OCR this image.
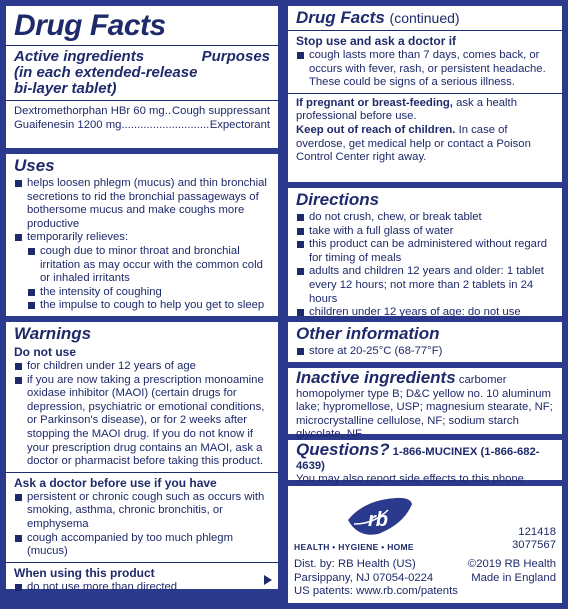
Drug Facts
Active ingredients	Purposes
(in each extended-release
bi-layer tablet)
Dextromethorphan HBr 60 mg ..... Cough suppressant
Guaifenesin 1200 mg .....	Expectorant
Uses
helps loosen phlegm (mucus) and thin bronchial secretions to rid the bronchial passageways of bothersome mucus and make coughs more productive
temporarily relieves:
cough due to minor throat and bronchial irritation as may occur with the common cold or inhaled irritants
the intensity of coughing
the impulse to cough to help you get to sleep
Warnings
Do not use
for children under 12 years of age
if you are now taking a prescription monoamine oxidase inhibitor (MAOI) (certain drugs for depression, psychiatric or emotional conditions, or Parkinson's disease), or for 2 weeks after stopping the MAOI drug. If you do not know if your prescription drug contains an MAOI, ask a doctor or pharmacist before taking this product.
Ask a doctor before use if you have
persistent or chronic cough such as occurs with smoking, asthma, chronic bronchitis, or emphysema
cough accompanied by too much phlegm (mucus)
When using this product
do not use more than directed
Drug Facts (continued)
Stop use and ask a doctor if
cough lasts more than 7 days, comes back, or occurs with fever, rash, or persistent headache. These could be signs of a serious illness.
If pregnant or breast-feeding, ask a health professional before use.
Keep out of reach of children. In case of overdose, get medical help or contact a Poison Control Center right away.
Directions
do not crush, chew, or break tablet
take with a full glass of water
this product can be administered without regard for timing of meals
adults and children 12 years and older: 1 tablet every 12 hours; not more than 2 tablets in 24 hours
children under 12 years of age: do not use
Other information
store at 20-25°C (68-77°F)
Inactive ingredients carbomer homopolymer type B; D&C yellow no. 10 aluminum lake; hypromellose, USP; magnesium stearate, NF; microcrystalline cellulose, NF; sodium starch glycolate, NF
Questions? 1-866-MUCINEX (1-866-682-4639)
You may also report side effects to this phone
rb
HEALTH • HYGIENE • HOME
121418
3077567
Dist. by: RB Health (US)	©2019 RB Health
Parsippany, NJ 07054-0224	Made in England
US patents: www.rb.com/patents
